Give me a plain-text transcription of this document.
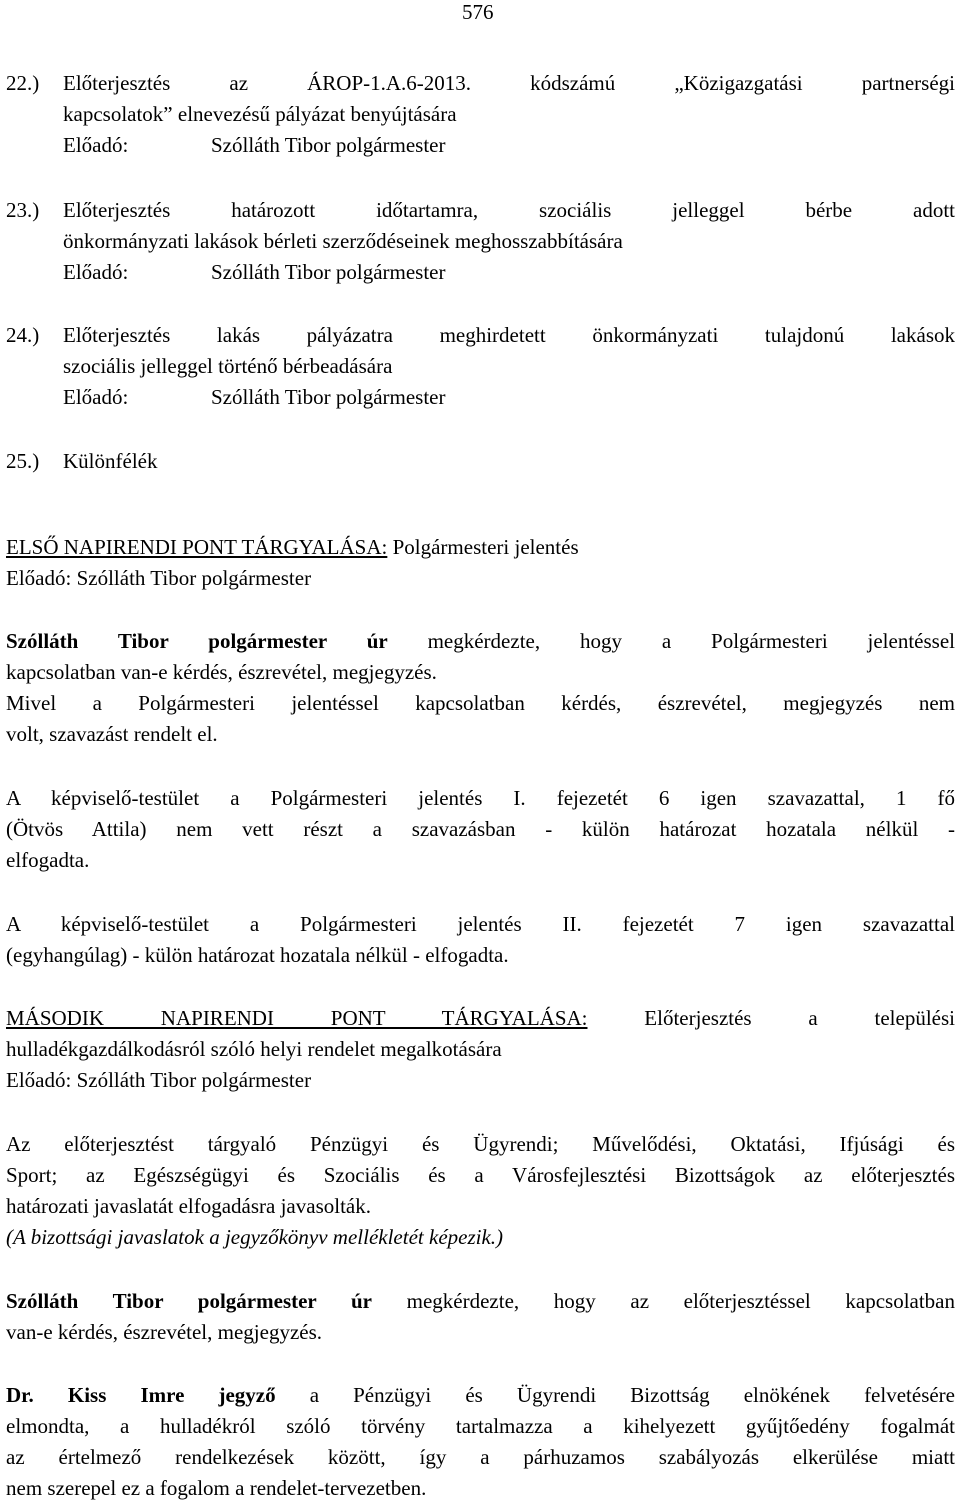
576
22.) Előterjesztés az ÁROP-1.A.6-2013. kódszámú „Közigazgatási partnerségi
kapcsolatok” elnevezésű pályázat benyújtására
Előadó:	Szólláth Tibor polgármester
23.) Előterjesztés határozott időtartamra, szociális jelleggel bérbe adott
önkormányzati lakások bérleti szerződéseinek meghosszabbítására
Előadó:	Szólláth Tibor polgármester
24.) Előterjesztés lakás pályázatra meghirdetett önkormányzati tulajdonú lakások
szociális jelleggel történő bérbeadására
Előadó:	Szólláth Tibor polgármester
25.) Különfélék
ELSŐ NAPIRENDI PONT TÁRGYALÁSA: Polgármesteri jelentés
Előadó: Szólláth Tibor polgármester
Szólláth Tibor polgármester úr megkérdezte, hogy a Polgármesteri jelentéssel
kapcsolatban van-e kérdés, észrevétel, megjegyzés.
Mivel a Polgármesteri jelentéssel kapcsolatban kérdés, észrevétel, megjegyzés nem
volt, szavazást rendelt el.
A képviselő-testület a Polgármesteri jelentés I. fejezetét 6 igen szavazattal, 1 fő
(Ötvös Attila) nem vett részt a szavazásban - külön határozat hozatala nélkül -
elfogadta.
A képviselő-testület a Polgármesteri jelentés II. fejezetét 7 igen szavazattal
(egyhangúlag) - külön határozat hozatala nélkül - elfogadta.
MÁSODIK NAPIRENDI PONT TÁRGYALÁSA: Előterjesztés a települési
hulladékgazdálkodásról szóló helyi rendelet megalkotására
Előadó: Szólláth Tibor polgármester
Az előterjesztést tárgyaló Pénzügyi és Ügyrendi; Művelődési, Oktatási, Ifjúsági és
Sport; az Egészségügyi és Szociális és a Városfejlesztési Bizottságok az előterjesztés
határozati javaslatát elfogadásra javasolták.
(A bizottsági javaslatok a jegyzőkönyv mellékletét képezik.)
Szólláth Tibor polgármester úr megkérdezte, hogy az előterjesztéssel kapcsolatban
van-e kérdés, észrevétel, megjegyzés.
Dr. Kiss Imre jegyző a Pénzügyi és Ügyrendi Bizottság elnökének felvetésére
elmondta, a hulladékról szóló törvény tartalmazza a kihelyezett gyűjtőedény fogalmát
az értelmező rendelkezések között, így a párhuzamos szabályozás elkerülése miatt
nem szerepel ez a fogalom a rendelet-tervezetben.
